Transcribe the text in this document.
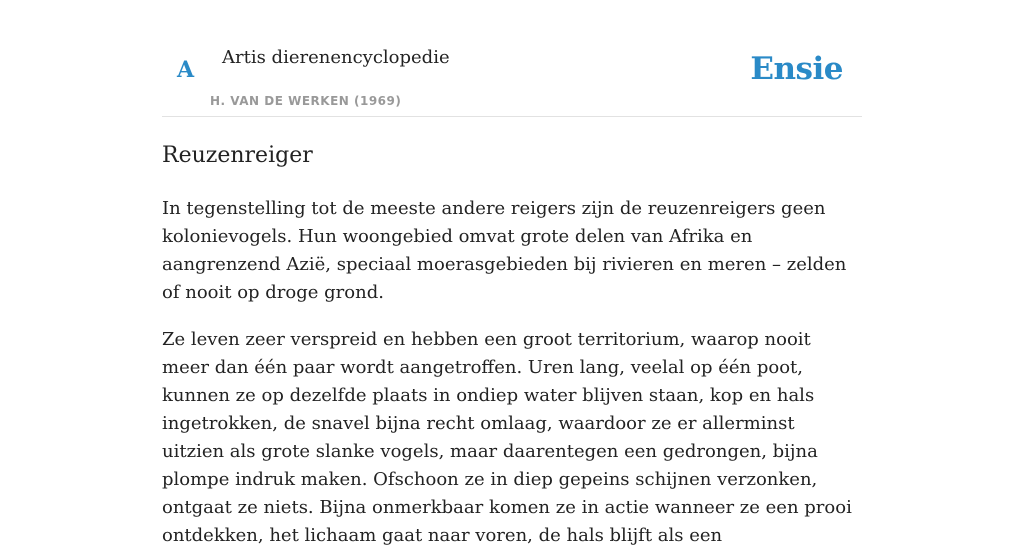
A Artis dierenencyclopedie
H. VAN DE WERKEN (1969)
Ensie
Reuzenreiger

In tegenstelling tot de meeste andere reigers zijn de reuzenreigers geen kolonievogels. Hun woongebied omvat grote delen van Afrika en aangrenzend Azië, speciaal moerasgebieden bij rivieren en meren – zelden of nooit op droge grond.

Ze leven zeer verspreid en hebben een groot territorium, waarop nooit meer dan één paar wordt aangetroffen. Uren lang, veelal op één poot, kunnen ze op dezelfde plaats in ondiep water blijven staan, kop en hals ingetrokken, de snavel bijna recht omlaag, waardoor ze er allerminst uitzien als grote slanke vogels, maar daarentegen een gedrongen, bijna plompe indruk maken. Ofschoon ze in diep gepeins schijnen verzonken, ontgaat ze niets. Bijna onmerkbaar komen ze in actie wanneer ze een prooi ontdekken, het lichaam gaat naar voren, de hals blijft als een
